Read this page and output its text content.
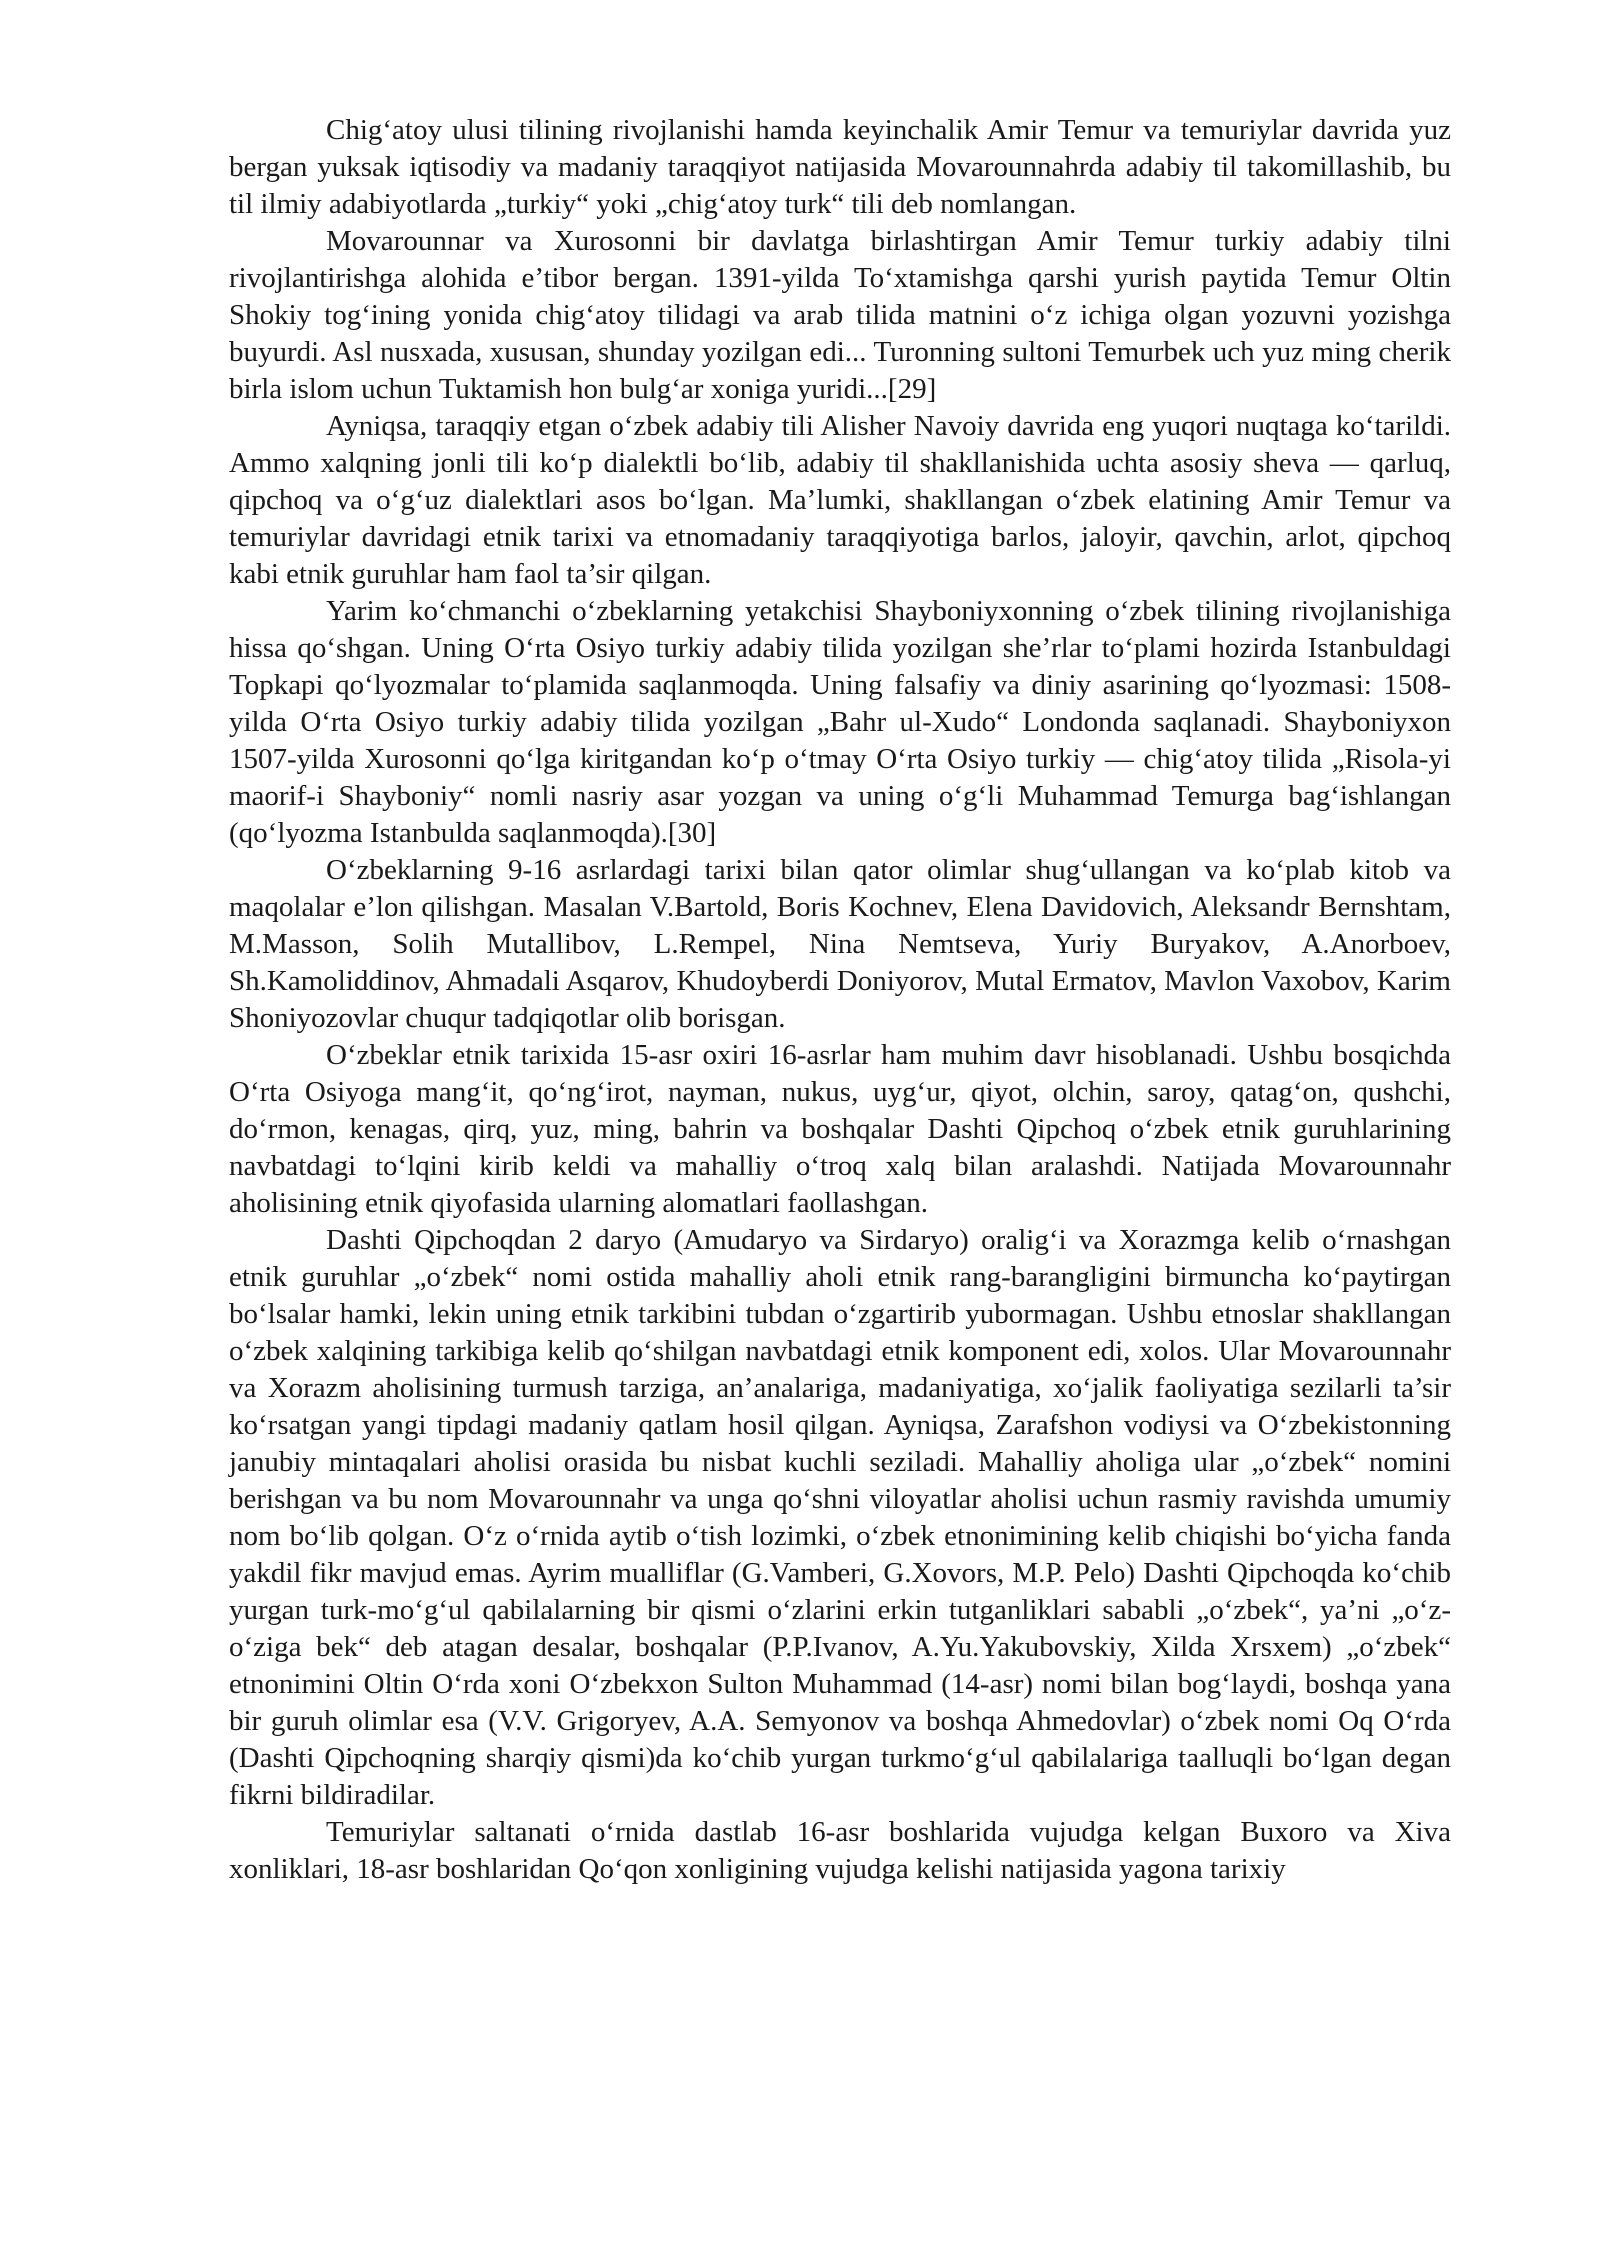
Chig‘atoy ulusi tilining rivojlanishi hamda keyinchalik Amir Temur va temuriylar davrida yuz bergan yuksak iqtisodiy va madaniy taraqqiyot natijasida Movarounnahrda adabiy til takomillashib, bu til ilmiy adabiyotlarda „turkiy“ yoki „chig‘atoy turk“ tili deb nomlangan.

Movarounnar va Xurosonni bir davlatga birlashtirgan Amir Temur turkiy adabiy tilni rivojlantirishga alohida e’tibor bergan. 1391-yilda To‘xtamishga qarshi yurish paytida Temur Oltin Shokiy tog‘ining yonida chig‘atoy tilidagi va arab tilida matnini o‘z ichiga olgan yozuvni yozishga buyurdi. Asl nusxada, xususan, shunday yozilgan edi... Turonning sultoni Temurbek uch yuz ming cherik birla islom uchun Tuktamish hon bulg‘ar xoniga yuridi...[29]

Ayniqsa, taraqqiy etgan o‘zbek adabiy tili Alisher Navoiy davrida eng yuqori nuqtaga ko‘tarildi. Ammo xalqning jonli tili ko‘p dialektli bo‘lib, adabiy til shakllanishida uchta asosiy sheva — qarluq, qipchoq va o‘g‘uz dialektlari asos bo‘lgan. Ma’lumki, shakllangan o‘zbek elatining Amir Temur va temuriylar davridagi etnik tarixi va etnomadaniy taraqqiyotiga barlos, jaloyir, qavchin, arlot, qipchoq kabi etnik guruhlar ham faol ta’sir qilgan.

Yarim ko‘chmanchi o‘zbeklarning yetakchisi Shayboniyxonning o‘zbek tilining rivojlanishiga hissa qo‘shgan. Uning O‘rta Osiyo turkiy adabiy tilida yozilgan she’rlar to‘plami hozirda Istanbuldagi Topkapi qo‘lyozmalar to‘plamida saqlanmoqda. Uning falsafiy va diniy asarining qo‘lyozmasi: 1508-yilda O‘rta Osiyo turkiy adabiy tilida yozilgan „Bahr ul-Xudo“ Londonda saqlanadi. Shayboniyxon 1507-yilda Xurosonni qo‘lga kiritgandan ko‘p o‘tmay O‘rta Osiyo turkiy — chig‘atoy tilida „Risola-yi maorif-i Shayboniy“ nomli nasriy asar yozgan va uning o‘g‘li Muhammad Temurga bag‘ishlangan (qo‘lyozma Istanbulda saqlanmoqda).[30]

O‘zbeklarning 9-16 asrlardagi tarixi bilan qator olimlar shug‘ullangan va ko‘plab kitob va maqolalar e’lon qilishgan. Masalan V.Bartold, Boris Kochnev, Elena Davidovich, Aleksandr Bernshtam, M.Masson, Solih Mutallibov, L.Rempel, Nina Nemtseva, Yuriy Buryakov, A.Anorboev, Sh.Kamoliddinov, Ahmadali Asqarov, Khudoyberdi Doniyorov, Mutal Ermatov, Mavlon Vaxobov, Karim Shoniyozovlar chuqur tadqiqotlar olib borisgan.

O‘zbeklar etnik tarixida 15-asr oxiri 16-asrlar ham muhim davr hisoblanadi. Ushbu bosqichda O‘rta Osiyoga mang‘it, qo‘ng‘irot, nayman, nukus, uyg‘ur, qiyot, olchin, saroy, qatag‘on, qushchi, do‘rmon, kenagas, qirq, yuz, ming, bahrin va boshqalar Dashti Qipchoq o‘zbek etnik guruhlarining navbatdagi to‘lqini kirib keldi va mahalliy o‘troq xalq bilan aralashdi. Natijada Movarounnahr aholisining etnik qiyofasida ularning alomatlari faollashgan.

Dashti Qipchoqdan 2 daryo (Amudaryo va Sirdaryo) oralig‘i va Xorazmga kelib o‘rnashgan etnik guruhlar „o‘zbek“ nomi ostida mahalliy aholi etnik rang-barangligini birmuncha ko‘paytirgan bo‘lsalar hamki, lekin uning etnik tarkibini tubdan o‘zgartirib yubormagan. Ushbu etnoslar shakllangan o‘zbek xalqining tarkibiga kelib qo‘shilgan navbatdagi etnik komponent edi, xolos. Ular Movarounnahr va Xorazm aholisining turmush tarziga, an’analariga, madaniyatiga, xo‘jalik faoliyatiga sezilarli ta’sir ko‘rsatgan yangi tipdagi madaniy qatlam hosil qilgan. Ayniqsa, Zarafshon vodiysi va O‘zbekistonning janubiy mintaqalari aholisi orasida bu nisbat kuchli seziladi. Mahalliy aholiga ular „o‘zbek“ nomini berishgan va bu nom Movarounnahr va unga qo‘shni viloyatlar aholisi uchun rasmiy ravishda umumiy nom bo‘lib qolgan. O‘z o‘rnida aytib o‘tish lozimki, o‘zbek etnonimining kelib chiqishi bo‘yicha fanda yakdil fikr mavjud emas. Ayrim mualliflar (G.Vamberi, G.Xovors, M.P. Pelo) Dashti Qipchoqda ko‘chib yurgan turk-mo‘g‘ul qabilalarning bir qismi o‘zlarini erkin tutganliklari sababli „o‘zbek“, ya’ni „o‘z-o‘ziga bek“ deb atagan desalar, boshqalar (P.P.Ivanov, A.Yu.Yakubovskiy, Xilda Xrsxem) „o‘zbek“ etnonimini Oltin O‘rda xoni O‘zbekxon Sulton Muhammad (14-asr) nomi bilan bog‘laydi, boshqa yana bir guruh olimlar esa (V.V. Grigoryev, A.A. Semyonov va boshqa Ahmedovlar) o‘zbek nomi Oq O‘rda (Dashti Qipchoqning sharqiy qismi)da ko‘chib yurgan turkmo‘g‘ul qabilalariga taalluqli bo‘lgan degan fikrni bildiradilar.

Temuriylar saltanati o‘rnida dastlab 16-asr boshlarida vujudga kelgan Buxoro va Xiva xonliklari, 18-asr boshlaridan Qo‘qon xonligining vujudga kelishi natijasida yagona tarixiy
